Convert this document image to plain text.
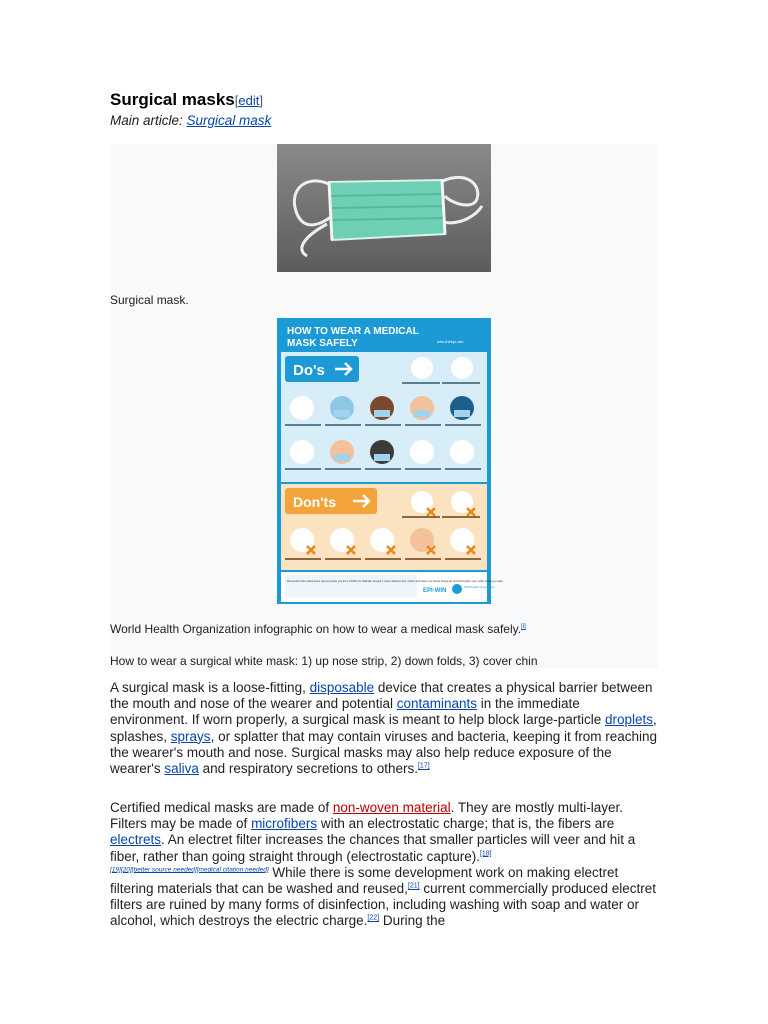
Surgical masks[edit]
Main article: Surgical mask
Surgical mask.
HOW TO WEAR A MEDICAL
MASK SAFELY	who.int/epi-win
Do's
Don'ts
Remember that masks alone cannot protect you from COVID-19. Maintain at least 1 metre distance from others and wash your hands frequently and thoroughly, even while wearing a mask.
EPI-WIN
World Health Organization
World Health Organization infographic on how to wear a medical mask safely.[i]
How to wear a surgical white mask: 1) up nose strip, 2) down folds, 3) cover chin
A surgical mask is a loose-fitting, disposable device that creates a physical barrier between the mouth and nose of the wearer and potential contaminants in the immediate environment. If worn properly, a surgical mask is meant to help block large-particle droplets, splashes, sprays, or splatter that may contain viruses and bacteria, keeping it from reaching the wearer's mouth and nose. Surgical masks may also help reduce exposure of the wearer's saliva and respiratory secretions to others.[17]
Certified medical masks are made of non-woven material. They are mostly multi-layer. Filters may be made of microfibers with an electrostatic charge; that is, the fibers are electrets. An electret filter increases the chances that smaller particles will veer and hit a fiber, rather than going straight through (electrostatic capture).[18]
[19][20][better source needed][medical citation needed] While there is some development work on making electret filtering materials that can be washed and reused,[21] current commercially produced electret filters are ruined by many forms of disinfection, including washing with soap and water or alcohol, which destroys the electric charge.[22] During the
